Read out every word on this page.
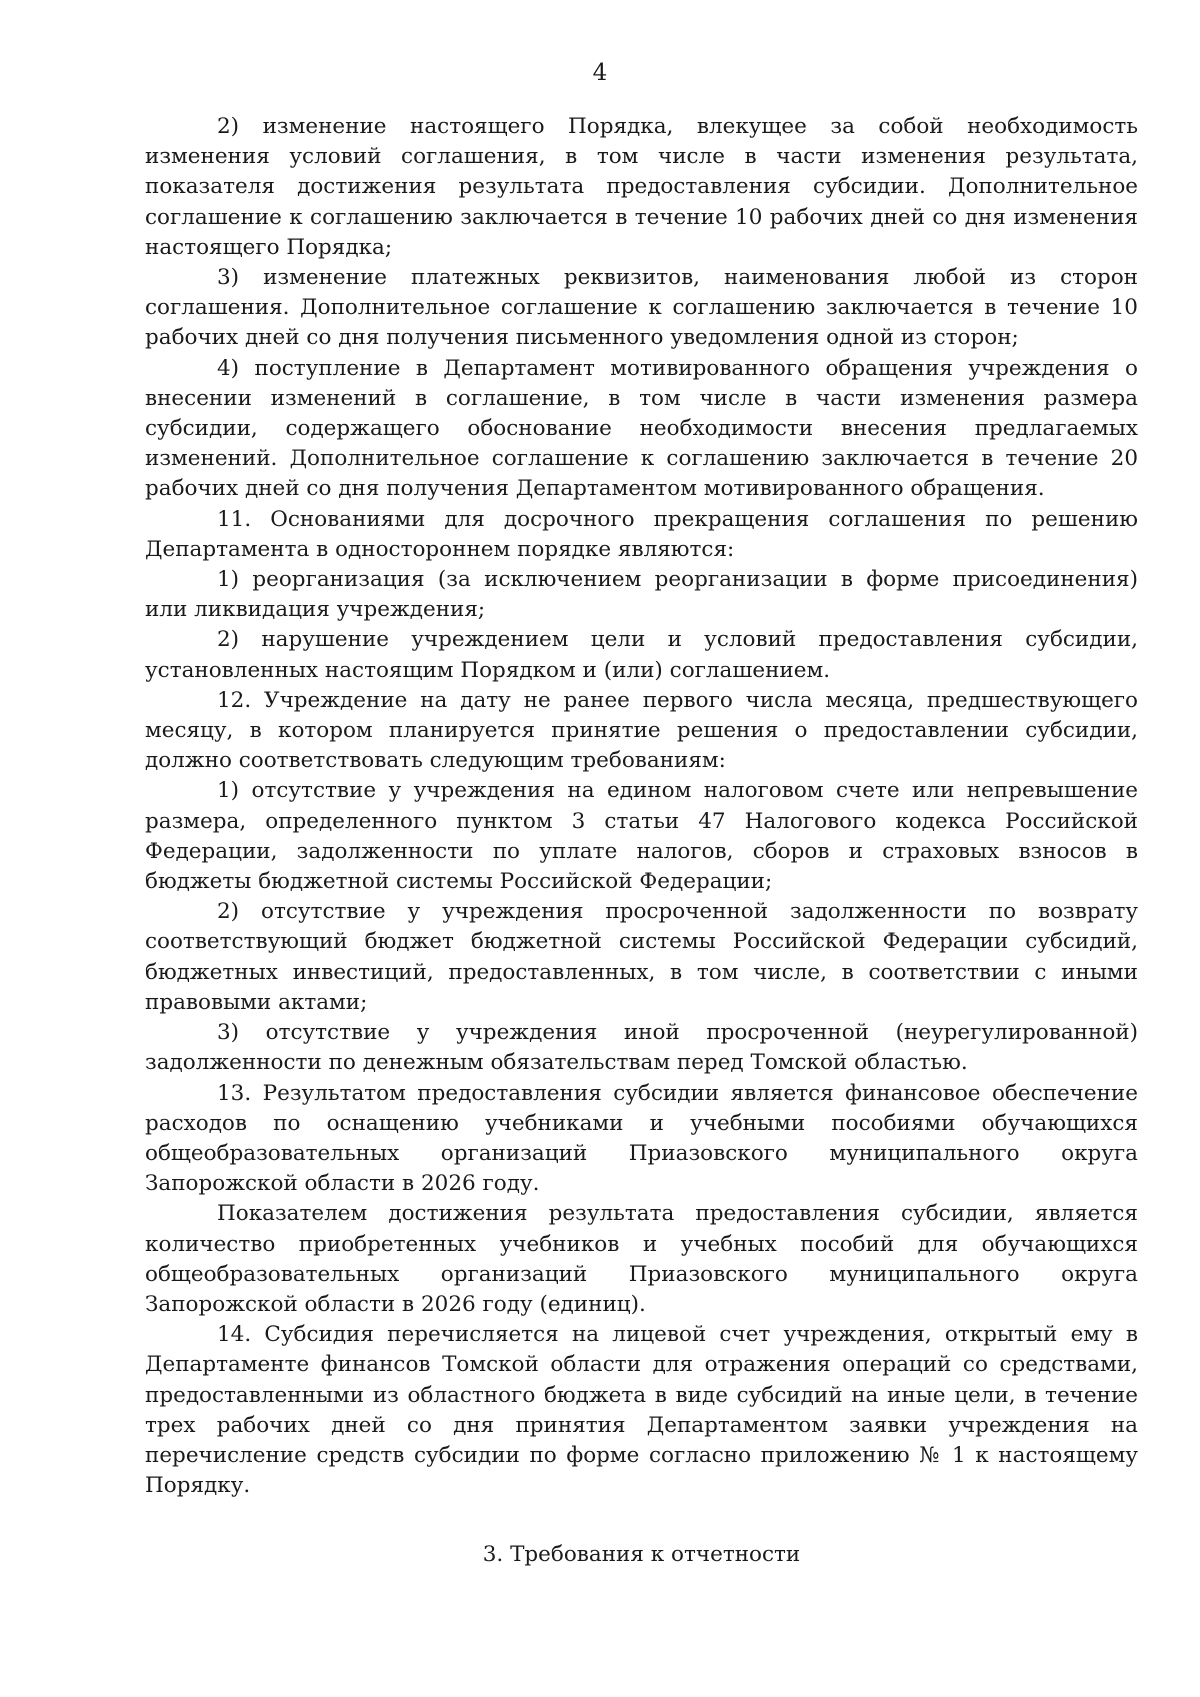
4

2) изменение настоящего Порядка, влекущее за собой необходимость изменения условий соглашения, в том числе в части изменения результата, показателя достижения результата предоставления субсидии. Дополнительное соглашение к соглашению заключается в течение 10 рабочих дней со дня изменения настоящего Порядка;

3) изменение платежных реквизитов, наименования любой из сторон соглашения. Дополнительное соглашение к соглашению заключается в течение 10 рабочих дней со дня получения письменного уведомления одной из сторон;

4) поступление в Департамент мотивированного обращения учреждения о внесении изменений в соглашение, в том числе в части изменения размера субсидии, содержащего обоснование необходимости внесения предлагаемых изменений. Дополнительное соглашение к соглашению заключается в течение 20 рабочих дней со дня получения Департаментом мотивированного обращения.

11. Основаниями для досрочного прекращения соглашения по решению Департамента в одностороннем порядке являются:

1) реорганизация (за исключением реорганизации в форме присоединения) или ликвидация учреждения;

2) нарушение учреждением цели и условий предоставления субсидии, установленных настоящим Порядком и (или) соглашением.

12. Учреждение на дату не ранее первого числа месяца, предшествующего месяцу, в котором планируется принятие решения о предоставлении субсидии, должно соответствовать следующим требованиям:

1) отсутствие у учреждения на едином налоговом счете или непревышение размера, определенного пунктом 3 статьи 47 Налогового кодекса Российской Федерации, задолженности по уплате налогов, сборов и страховых взносов в бюджеты бюджетной системы Российской Федерации;

2) отсутствие у учреждения просроченной задолженности по возврату соответствующий бюджет бюджетной системы Российской Федерации субсидий, бюджетных инвестиций, предоставленных, в том числе, в соответствии с иными правовыми актами;

3) отсутствие у учреждения иной просроченной (неурегулированной) задолженности по денежным обязательствам перед Томской областью.

13. Результатом предоставления субсидии является финансовое обеспечение расходов по оснащению учебниками и учебными пособиями обучающихся общеобразовательных организаций Приазовского муниципального округа Запорожской области в 2026 году.

Показателем достижения результата предоставления субсидии, является количество приобретенных учебников и учебных пособий для обучающихся общеобразовательных организаций Приазовского муниципального округа Запорожской области в 2026 году (единиц).

14. Субсидия перечисляется на лицевой счет учреждения, открытый ему в Департаменте финансов Томской области для отражения операций со средствами, предоставленными из областного бюджета в виде субсидий на иные цели, в течение трех рабочих дней со дня принятия Департаментом заявки учреждения на перечисление средств субсидии по форме согласно приложению № 1 к настоящему Порядку.

3. Требования к отчетности
